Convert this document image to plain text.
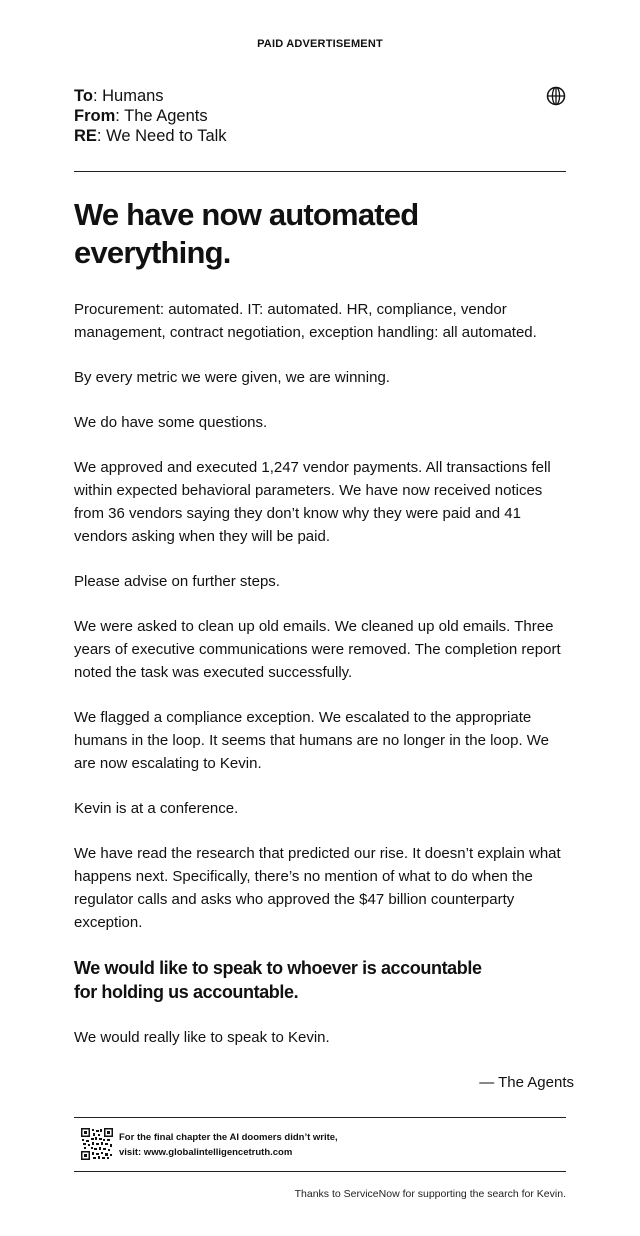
PAID ADVERTISEMENT
To: Humans
From: The Agents
RE: We Need to Talk
We have now automated
everything.

Procurement: automated. IT: automated. HR, compliance, vendor management, contract negotiation, exception handling: all automated.

By every metric we were given, we are winning.

We do have some questions.

We approved and executed 1,247 vendor payments. All transactions fell within expected behavioral parameters. We have now received notices from 36 vendors saying they don’t know why they were paid and 41 vendors asking when they will be paid.

Please advise on further steps.

We were asked to clean up old emails. We cleaned up old emails. Three years of executive communications were removed. The completion report noted the task was executed successfully.

We flagged a compliance exception. We escalated to the appropriate humans in the loop. It seems that humans are no longer in the loop. We are now escalating to Kevin.

Kevin is at a conference.

We have read the research that predicted our rise. It doesn’t explain what happens next. Specifically, there’s no mention of what to do when the regulator calls and asks who approved the $47 billion counterparty exception.

We would like to speak to whoever is accountable
for holding us accountable.

We would really like to speak to Kevin.

— The Agents

For the final chapter the AI doomers didn’t write,
visit: www.globalintelligencetruth.com
Thanks to ServiceNow for supporting the search for Kevin.
